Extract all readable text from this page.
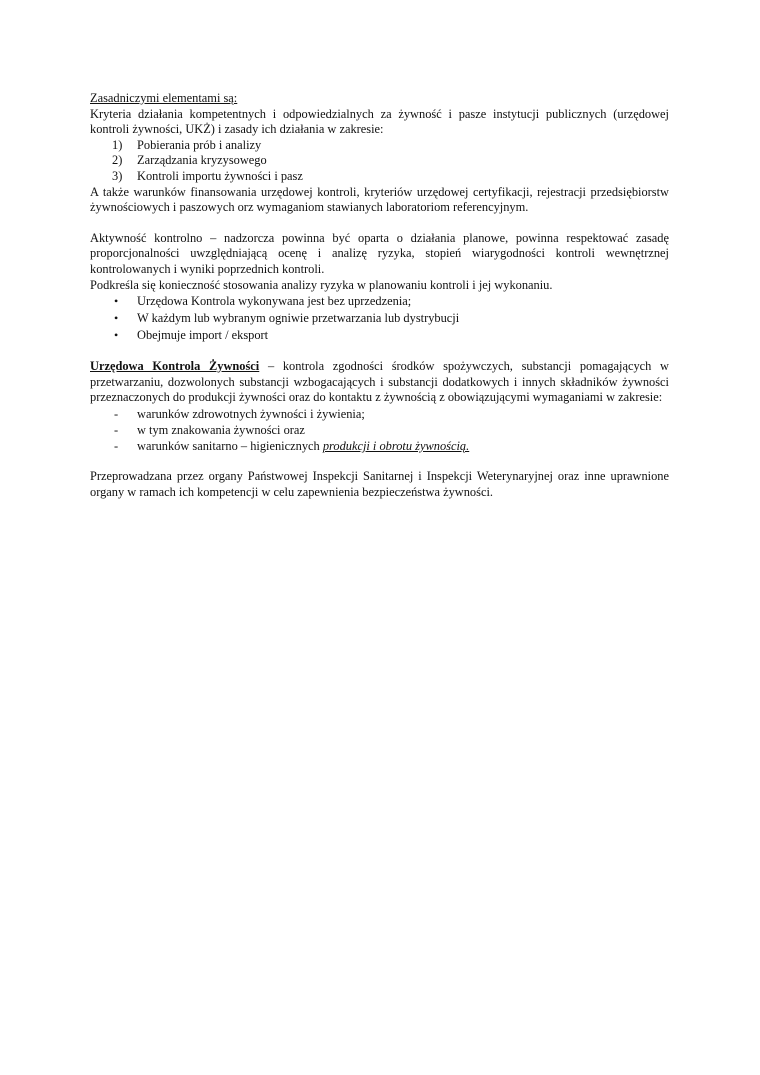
Zasadniczymi elementami są:
Kryteria działania kompetentnych i odpowiedzialnych za żywność i pasze instytucji publicznych (urzędowej kontroli żywności, UKŻ) i zasady ich działania w zakresie:
1) Pobierania prób i analizy
2) Zarządzania kryzysowego
3) Kontroli importu żywności i pasz
A także warunków finansowania urzędowej kontroli, kryteriów urzędowej certyfikacji, rejestracji przedsiębiorstw żywnościowych i paszowych orz wymaganiom stawianych laboratoriom referencyjnym.
Aktywność kontrolno – nadzorcza powinna być oparta o działania planowe, powinna respektować zasadę proporcjonalności uwzględniającą ocenę i analizę ryzyka, stopień wiarygodności kontroli wewnętrznej kontrolowanych i wyniki poprzednich kontroli.
Podkreśla się konieczność stosowania analizy ryzyka w planowaniu kontroli i jej wykonaniu.
• Urzędowa Kontrola wykonywana jest bez uprzedzenia;
• W każdym lub wybranym ogniwie przetwarzania lub dystrybucji
• Obejmuje import / eksport
Urzędowa Kontrola Żywności – kontrola zgodności środków spożywczych, substancji pomagających w przetwarzaniu, dozwolonych substancji wzbogacających i substancji dodatkowych i innych składników żywności przeznaczonych do produkcji żywności oraz do kontaktu z żywnością z obowiązującymi wymaganiami w zakresie:
- warunków zdrowotnych żywności i żywienia;
- w tym znakowania żywności oraz
- warunków sanitarno – higienicznych produkcji i obrotu żywnością.
Przeprowadzana przez organy Państwowej Inspekcji Sanitarnej i Inspekcji Weterynaryjnej oraz inne uprawnione organy w ramach ich kompetencji w celu zapewnienia bezpieczeństwa żywności.
